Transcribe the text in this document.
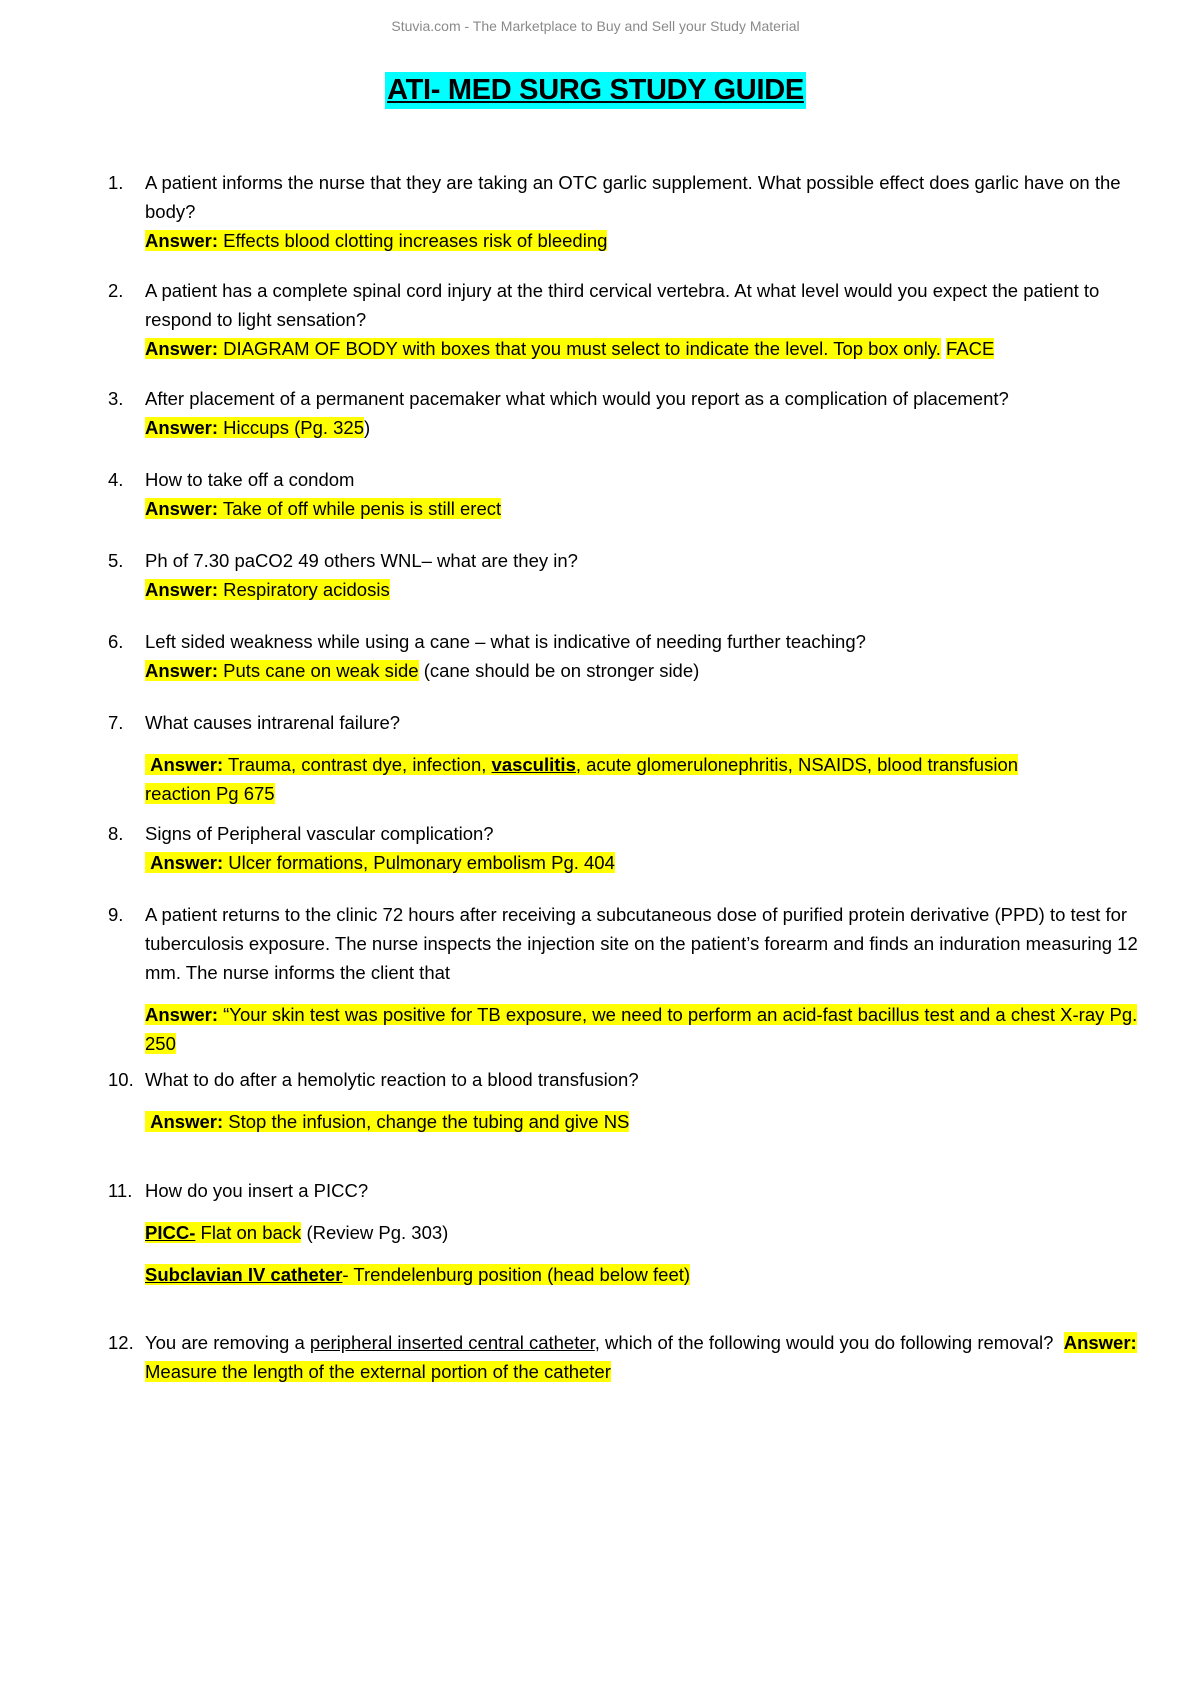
Stuvia.com - The Marketplace to Buy and Sell your Study Material
ATI- MED SURG STUDY GUIDE
1. A patient informs the nurse that they are taking an OTC garlic supplement. What possible effect does garlic have on the body?
Answer: Effects blood clotting increases risk of bleeding
2. A patient has a complete spinal cord injury at the third cervical vertebra. At what level would you expect the patient to respond to light sensation?
Answer: DIAGRAM OF BODY with boxes that you must select to indicate the level. Top box only. FACE
3. After placement of a permanent pacemaker what which would you report as a complication of placement?
Answer: Hiccups (Pg. 325)
4. How to take off a condom
Answer: Take of off while penis is still erect
5. Ph of 7.30 paCO2 49 others WNL– what are they in?
Answer: Respiratory acidosis
6. Left sided weakness while using a cane – what is indicative of needing further teaching?
Answer: Puts cane on weak side (cane should be on stronger side)
7. What causes intrarenal failure?
Answer: Trauma, contrast dye, infection, vasculitis, acute glomerulonephritis, NSAIDS, blood transfusion
reaction Pg 675
8. Signs of Peripheral vascular complication?
Answer: Ulcer formations, Pulmonary embolism Pg. 404
9. A patient returns to the clinic 72 hours after receiving a subcutaneous dose of purified protein derivative (PPD) to test for tuberculosis exposure. The nurse inspects the injection site on the patient’s forearm and finds an induration measuring 12 mm. The nurse informs the client that
Answer: “Your skin test was positive for TB exposure, we need to perform an acid-fast bacillus test and a chest X-ray Pg. 250
10. What to do after a hemolytic reaction to a blood transfusion?
Answer: Stop the infusion, change the tubing and give NS
11. How do you insert a PICC?
PICC- Flat on back (Review Pg. 303)
Subclavian IV catheter- Trendelenburg position (head below feet)
12. You are removing a peripheral inserted central catheter, which of the following would you do following removal? Answer: Measure the length of the external portion of the catheter
